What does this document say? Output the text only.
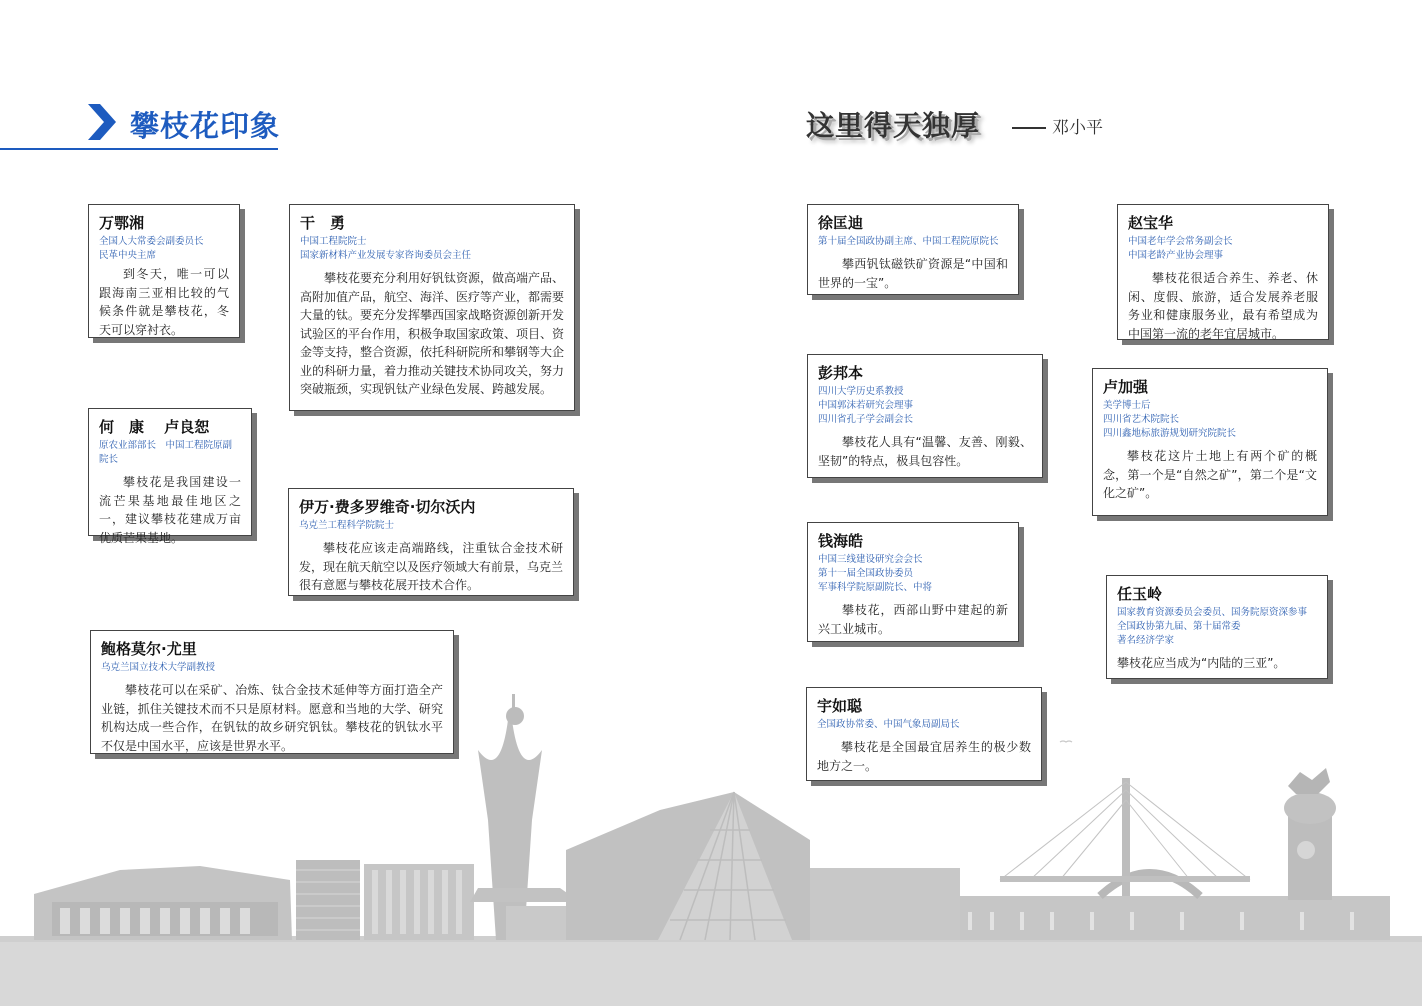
攀枝花印象	这里得天独厚	邓小平
万鄂湘
全国人大常委会副委员长
民革中央主席
到冬天，唯一可以跟海南三亚相比较的气候条件就是攀枝花，冬天可以穿衬衣。
干　勇
中国工程院院士
国家新材料产业发展专家咨询委员会主任
攀枝花要充分利用好钒钛资源，做高端产品、高附加值产品，航空、海洋、医疗等产业，都需要大量的钛。要充分发挥攀西国家战略资源创新开发试验区的平台作用，积极争取国家政策、项目、资金等支持，整合资源，依托科研院所和攀钢等大企业的科研力量，着力推动关键技术协同攻关，努力突破瓶颈，实现钒钛产业绿色发展、跨越发展。
何　康　 卢良恕
原农业部部长　中国工程院原副院长
攀枝花是我国建设一流芒果基地最佳地区之一，建议攀枝花建成万亩优质芒果基地。
伊万·费多罗维奇·切尔沃内
乌克兰工程科学院院士
攀枝花应该走高端路线，注重钛合金技术研发，现在航天航空以及医疗领域大有前景，乌克兰很有意愿与攀枝花展开技术合作。
鲍格莫尔·尤里
乌克兰国立技术大学副教授
攀枝花可以在采矿、冶炼、钛合金技术延伸等方面打造全产业链，抓住关键技术而不只是原材料。愿意和当地的大学、研究机构达成一些合作，在钒钛的故乡研究钒钛。攀枝花的钒钛水平不仅是中国水平，应该是世界水平。
徐匡迪
第十届全国政协副主席、中国工程院原院长
攀西钒钛磁铁矿资源是“中国和世界的一宝”。
赵宝华
中国老年学会常务副会长
中国老龄产业协会理事
攀枝花很适合养生、养老、休闲、度假、旅游，适合发展养老服务业和健康服务业，最有希望成为中国第一流的老年宜居城市。
彭邦本
四川大学历史系教授
中国郭沫若研究会理事
四川省孔子学会副会长
攀枝花人具有“温馨、友善、刚毅、坚韧”的特点，极具包容性。
卢加强
美学博士后
四川省艺术院院长
四川鑫地标旅游规划研究院院长
攀枝花这片土地上有两个矿的概念，第一个是“自然之矿”，第二个是“文化之矿”。
钱海皓
中国三线建设研究会会长
第十一届全国政协委员
军事科学院原副院长、中将
攀枝花，西部山野中建起的新兴工业城市。
任玉岭
国家教育资源委员会委员、国务院原资深参事
全国政协第九届、第十届常委
著名经济学家
攀枝花应当成为“内陆的三亚”。
宇如聪
全国政协常委、中国气象局副局长
攀枝花是全国最宜居养生的极少数地方之一。
